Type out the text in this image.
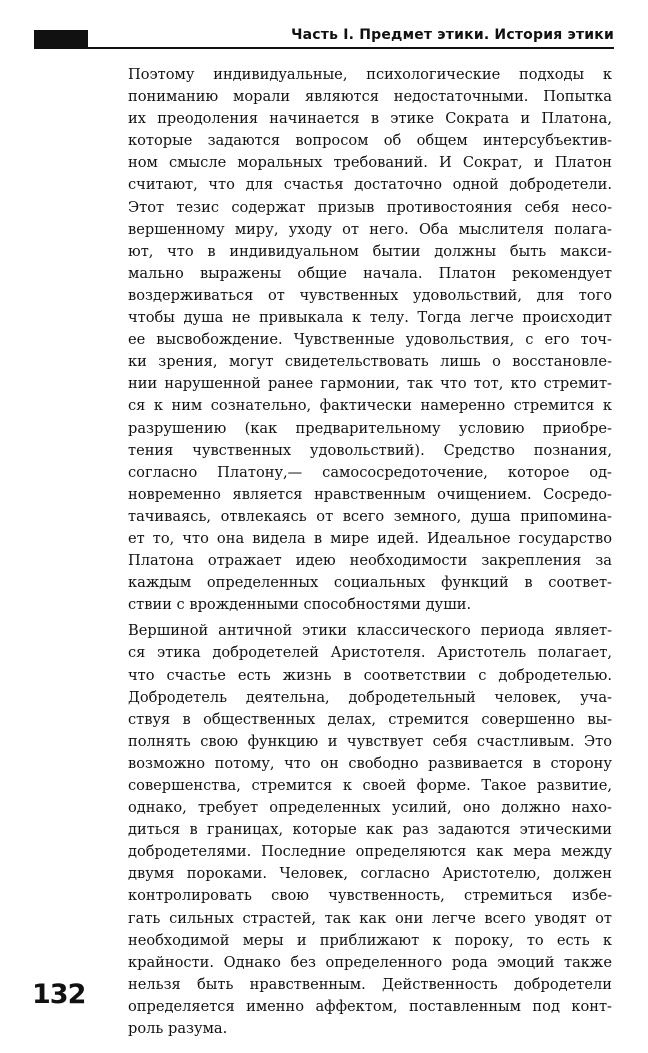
Часть I. Предмет этики. История этики
Поэтому индивидуальные, психологические подходы к
пониманию морали являются недостаточными. Попытка
их преодоления начинается в этике Сократа и Платона,
которые задаются вопросом об общем интерсубъектив-
ном смысле моральных требований. И Сократ, и Платон
считают, что для счастья достаточно одной добродетели.
Этот тезис содержат призыв противостояния себя несо-
вершенному миру, уходу от него. Оба мыслителя полага-
ют, что в индивидуальном бытии должны быть макси-
мально выражены общие начала. Платон рекомендует
воздерживаться от чувственных удовольствий, для того
чтобы душа не привыкала к телу. Тогда легче происходит
ее высвобождение. Чувственные удовольствия, с его точ-
ки зрения, могут свидетельствовать лишь о восстановле-
нии нарушенной ранее гармонии, так что тот, кто стремит-
ся к ним сознательно, фактически намеренно стремится к
разрушению (как предварительному условию приобре-
тения чувственных удовольствий). Средство познания,
согласно Платону,— самососредоточение, которое од-
новременно является нравственным очищением. Сосредо-
тачиваясь, отвлекаясь от всего земного, душа припомина-
ет то, что она видела в мире идей. Идеальное государство
Платона отражает идею необходимости закрепления за
каждым определенных социальных функций в соответ-
ствии с врожденными способностями души.
Вершиной античной этики классического периода являет-
ся этика добродетелей Аристотеля. Аристотель полагает,
что счастье есть жизнь в соответствии с добродетелью.
Добродетель деятельна, добродетельный человек, уча-
ствуя в общественных делах, стремится совершенно вы-
полнять свою функцию и чувствует себя счастливым. Это
возможно потому, что он свободно развивается в сторону
совершенства, стремится к своей форме. Такое развитие,
однако, требует определенных усилий, оно должно нахо-
диться в границах, которые как раз задаются этическими
добродетелями. Последние определяются как мера между
двумя пороками. Человек, согласно Аристотелю, должен
контролировать свою чувственность, стремиться избе-
гать сильных страстей, так как они легче всего уводят от
необходимой меры и приближают к пороку, то есть к
крайности. Однако без определенного рода эмоций также
нельзя быть нравственным. Действенность добродетели
определяется именно аффектом, поставленным под конт-
роль разума.
132
